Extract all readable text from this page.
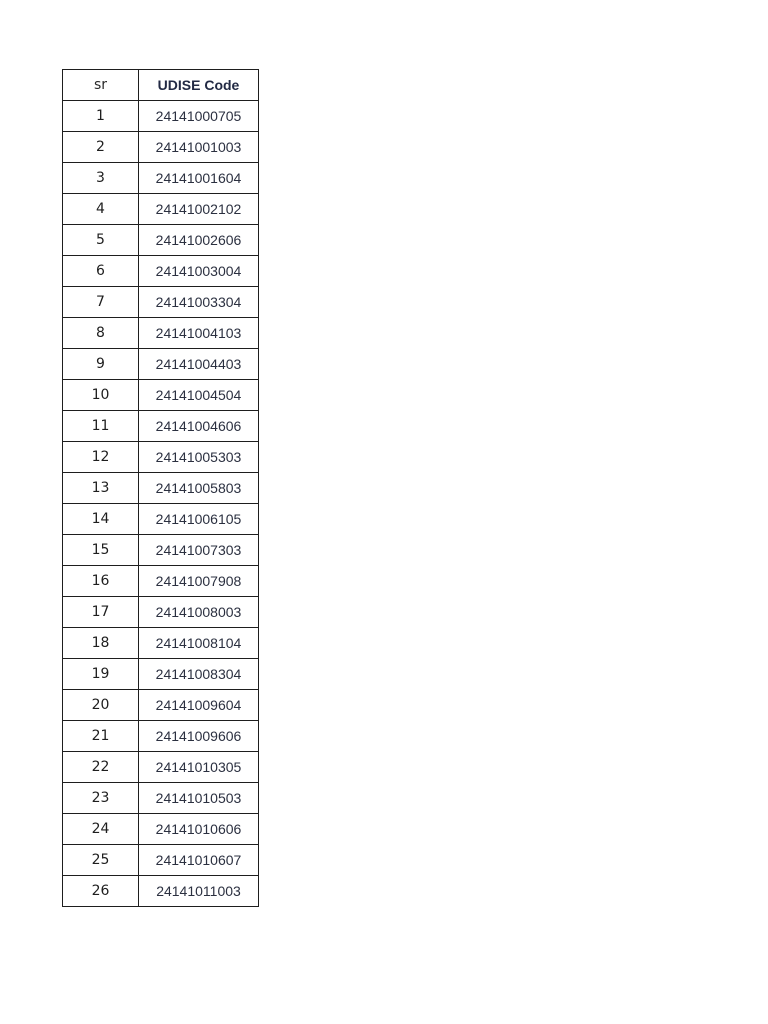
sr	UDISE Code
1	24141000705
2	24141001003
3	24141001604
4	24141002102
5	24141002606
6	24141003004
7	24141003304
8	24141004103
9	24141004403
10	24141004504
11	24141004606
12	24141005303
13	24141005803
14	24141006105
15	24141007303
16	24141007908
17	24141008003
18	24141008104
19	24141008304
20	24141009604
21	24141009606
22	24141010305
23	24141010503
24	24141010606
25	24141010607
26	24141011003
